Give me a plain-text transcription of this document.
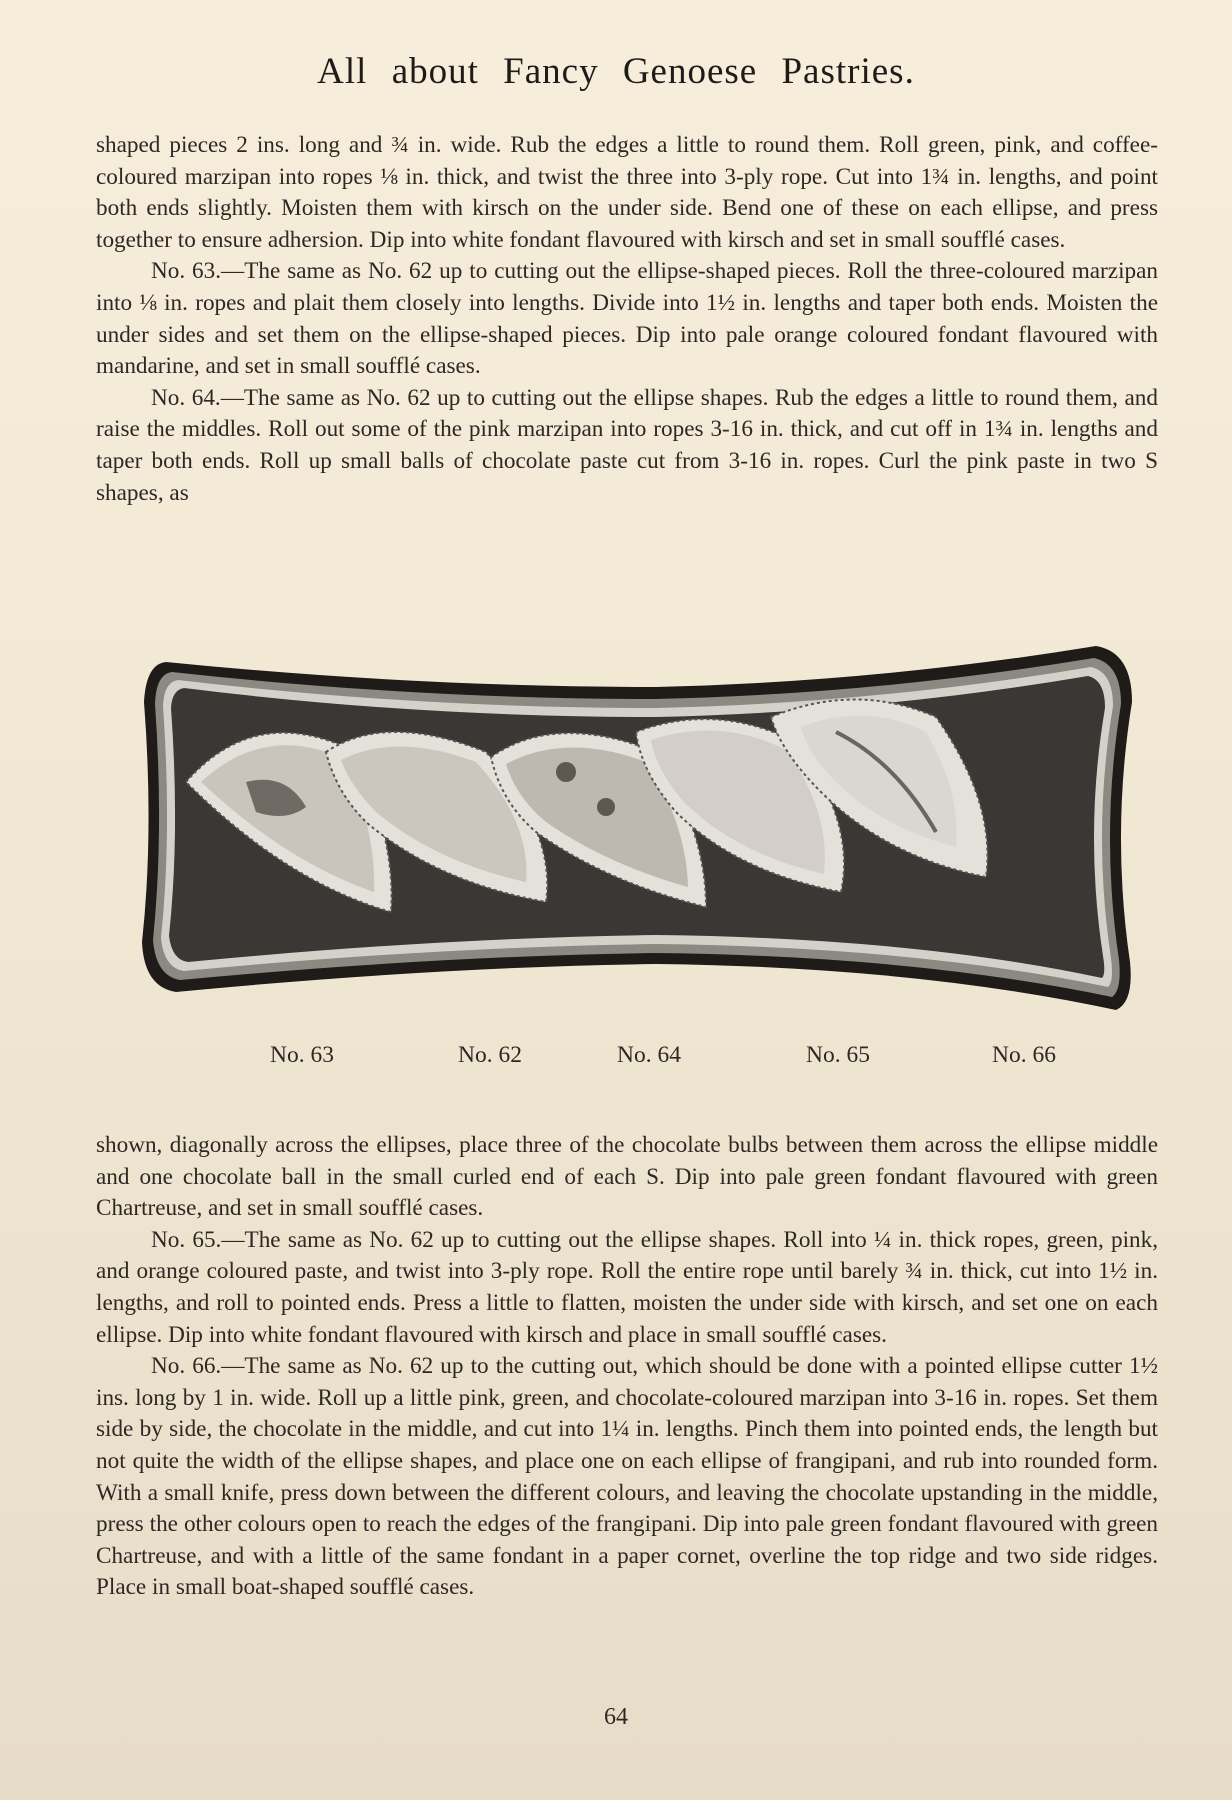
All about Fancy Genoese Pastries.

shaped pieces 2 ins. long and ¾ in. wide. Rub the edges a little to round them. Roll green, pink, and coffee-coloured marzipan into ropes ⅛ in. thick, and twist the three into 3-ply rope. Cut into 1¾ in. lengths, and point both ends slightly. Moisten them with kirsch on the under side. Bend one of these on each ellipse, and press together to ensure adhersion. Dip into white fondant flavoured with kirsch and set in small soufflé cases.

No. 63.—The same as No. 62 up to cutting out the ellipse-shaped pieces. Roll the three-coloured marzipan into ⅛ in. ropes and plait them closely into lengths. Divide into 1½ in. lengths and taper both ends. Moisten the under sides and set them on the ellipse-shaped pieces. Dip into pale orange coloured fondant flavoured with mandarine, and set in small soufflé cases.

No. 64.—The same as No. 62 up to cutting out the ellipse shapes. Rub the edges a little to round them, and raise the middles. Roll out some of the pink marzipan into ropes 3-16 in. thick, and cut off in 1¾ in. lengths and taper both ends. Roll up small balls of chocolate paste cut from 3-16 in. ropes. Curl the pink paste in two S shapes, as

No. 63	No. 62	No. 64	No. 65	No. 66

shown, diagonally across the ellipses, place three of the chocolate bulbs between them across the ellipse middle and one chocolate ball in the small curled end of each S. Dip into pale green fondant flavoured with green Chartreuse, and set in small soufflé cases.

No. 65.—The same as No. 62 up to cutting out the ellipse shapes. Roll into ¼ in. thick ropes, green, pink, and orange coloured paste, and twist into 3-ply rope. Roll the entire rope until barely ¾ in. thick, cut into 1½ in. lengths, and roll to pointed ends. Press a little to flatten, moisten the under side with kirsch, and set one on each ellipse. Dip into white fondant flavoured with kirsch and place in small soufflé cases.

No. 66.—The same as No. 62 up to the cutting out, which should be done with a pointed ellipse cutter 1½ ins. long by 1 in. wide. Roll up a little pink, green, and chocolate-coloured marzipan into 3-16 in. ropes. Set them side by side, the chocolate in the middle, and cut into 1¼ in. lengths. Pinch them into pointed ends, the length but not quite the width of the ellipse shapes, and place one on each ellipse of frangipani, and rub into rounded form. With a small knife, press down between the different colours, and leaving the chocolate upstanding in the middle, press the other colours open to reach the edges of the frangipani. Dip into pale green fondant flavoured with green Chartreuse, and with a little of the same fondant in a paper cornet, overline the top ridge and two side ridges. Place in small boat-shaped soufflé cases.

64
